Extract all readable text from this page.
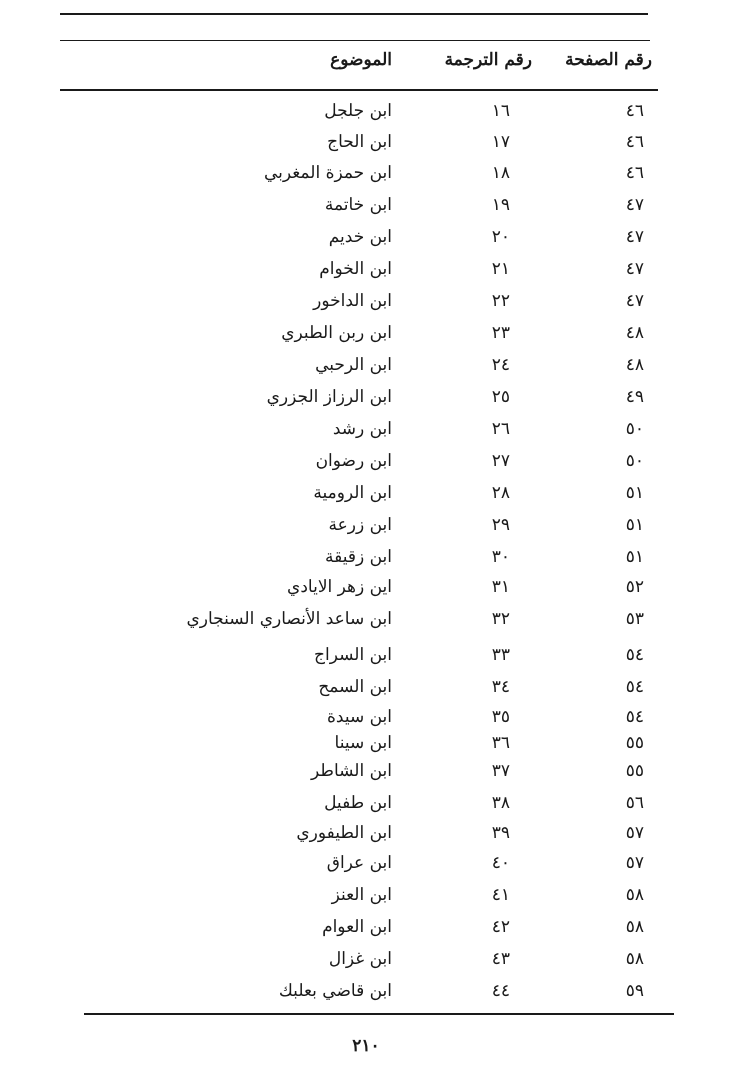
رقم الصفحة
رقم الترجمة
الموضوع
٤٦
١٦
ابن جلجل
٤٦
١٧
ابن الحاج
٤٦
١٨
ابن حمزة المغربي
٤٧
١٩
ابن خاتمة
٤٧
٢٠
ابن خديم
٤٧
٢١
ابن الخوام
٤٧
٢٢
ابن الداخور
٤٨
٢٣
ابن ربن الطبري
٤٨
٢٤
ابن الرحبي
٤٩
٢٥
ابن الرزاز الجزري
٥٠
٢٦
ابن رشد
٥٠
٢٧
ابن رضوان
٥١
٢٨
ابن الرومية
٥١
٢٩
ابن زرعة
٥١
٣٠
ابن زقيقة
٥٢
٣١
اين زهر الايادي
٥٣
٣٢
ابن ساعد الأنصاري السنجاري
٥٤
٣٣
ابن السراج
٥٤
٣٤
ابن السمح
٥٤
٣٥
ابن سيدة
٥٥
٣٦
ابن سينا
٥٥
٣٧
ابن الشاطر
٥٦
٣٨
ابن طفيل
٥٧
٣٩
ابن الطيفوري
٥٧
٤٠
ابن عراق
٥٨
٤١
ابن العنز
٥٨
٤٢
ابن العوام
٥٨
٤٣
ابن غزال
٥٩
٤٤
ابن قاضي بعلبك
٢١٠
